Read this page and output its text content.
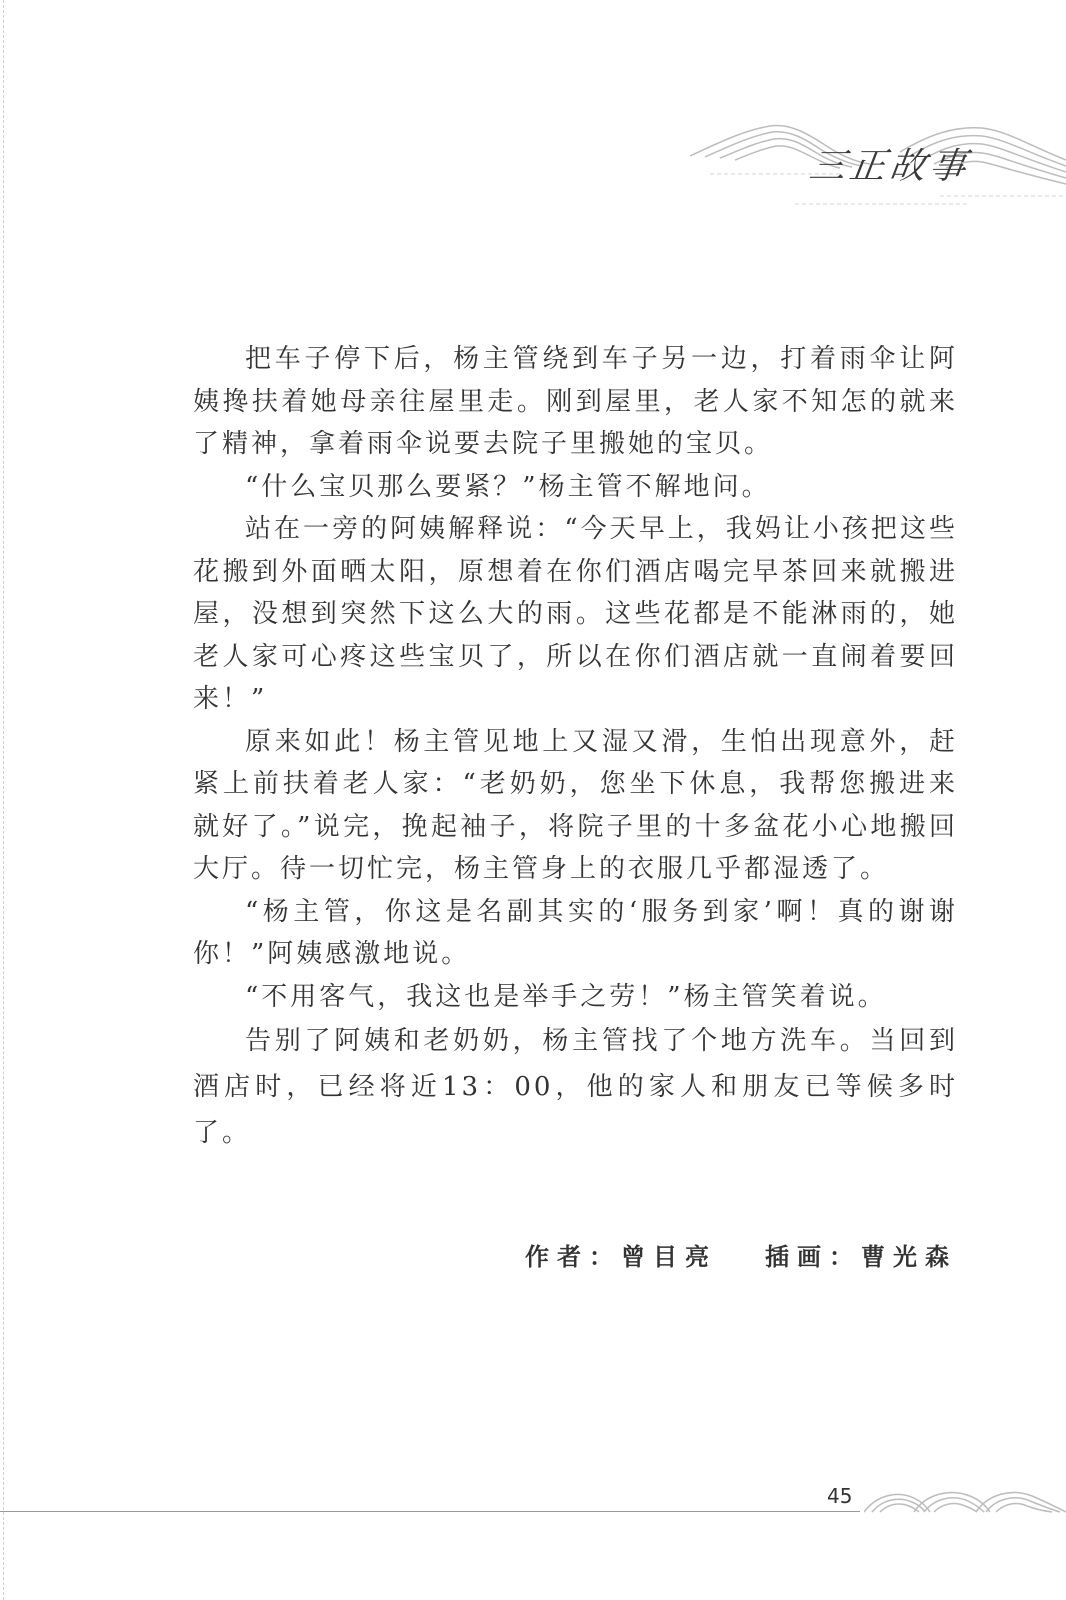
三正故事

把车子停下后，杨主管绕到车子另一边，打着雨伞让阿姨搀扶着她母亲往屋里走。刚到屋里，老人家不知怎的就来了精神，拿着雨伞说要去院子里搬她的宝贝。

“什么宝贝那么要紧？”杨主管不解地问。

站在一旁的阿姨解释说：“今天早上，我妈让小孩把这些花搬到外面晒太阳，原想着在你们酒店喝完早茶回来就搬进屋，没想到突然下这么大的雨。这些花都是不能淋雨的，她老人家可心疼这些宝贝了，所以在你们酒店就一直闹着要回来！”

原来如此！杨主管见地上又湿又滑，生怕出现意外，赶紧上前扶着老人家：“老奶奶，您坐下休息，我帮您搬进来就好了。”说完，挽起袖子，将院子里的十多盆花小心地搬回大厅。待一切忙完，杨主管身上的衣服几乎都湿透了。

“杨主管，你这是名副其实的‘服务到家’啊！真的谢谢你！”阿姨感激地说。

“不用客气，我这也是举手之劳！”杨主管笑着说。

告别了阿姨和老奶奶，杨主管找了个地方洗车。当回到酒店时，已经将近13：00，他的家人和朋友已等候多时了。

作者：曾目亮 插画：曹光森
45
